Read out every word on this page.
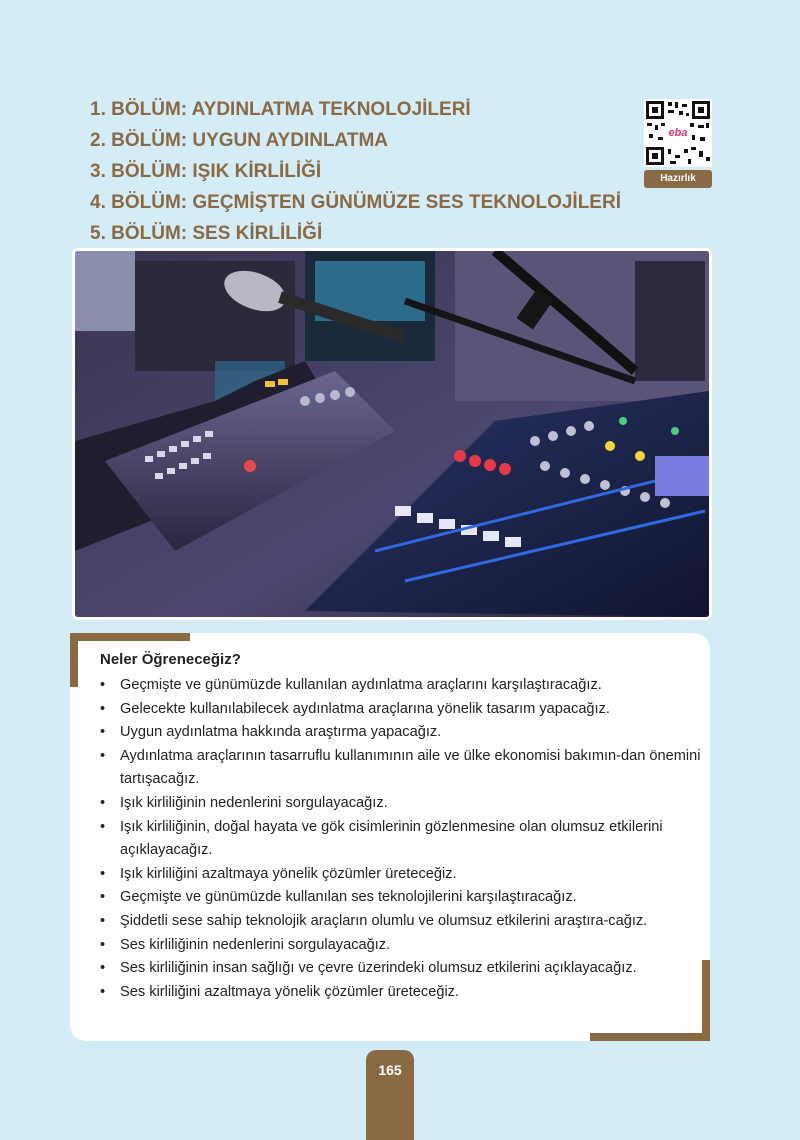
1. BÖLÜM: AYDINLATMA TEKNOLOJİLERİ
2. BÖLÜM: UYGUN AYDINLATMA
3. BÖLÜM: IŞIK KİRLİLİĞİ
4. BÖLÜM: GEÇMİŞTEN GÜNÜMÜZE SES TEKNOLOJİLERİ
5. BÖLÜM: SES KİRLİLİĞİ
eba
Hazırlık
Neler Öğreneceğiz?
• Geçmişte ve günümüzde kullanılan aydınlatma araçlarını karşılaştıracağız.
• Gelecekte kullanılabilecek aydınlatma araçlarına yönelik tasarım yapacağız.
• Uygun aydınlatma hakkında araştırma yapacağız.
• Aydınlatma araçlarının tasarruflu kullanımının aile ve ülke ekonomisi bakımın-dan önemini tartışacağız.
• Işık kirliliğinin nedenlerini sorgulayacağız.
• Işık kirliliğinin, doğal hayata ve gök cisimlerinin gözlenmesine olan olumsuz etkilerini açıklayacağız.
• Işık kirliliğini azaltmaya yönelik çözümler üreteceğiz.
• Geçmişte ve günümüzde kullanılan ses teknolojilerini karşılaştıracağız.
• Şiddetli sese sahip teknolojik araçların olumlu ve olumsuz etkilerini araştıra-cağız.
• Ses kirliliğinin nedenlerini sorgulayacağız.
• Ses kirliliğinin insan sağlığı ve çevre üzerindeki olumsuz etkilerini açıklayacağız.
• Ses kirliliğini azaltmaya yönelik çözümler üreteceğiz.
165
